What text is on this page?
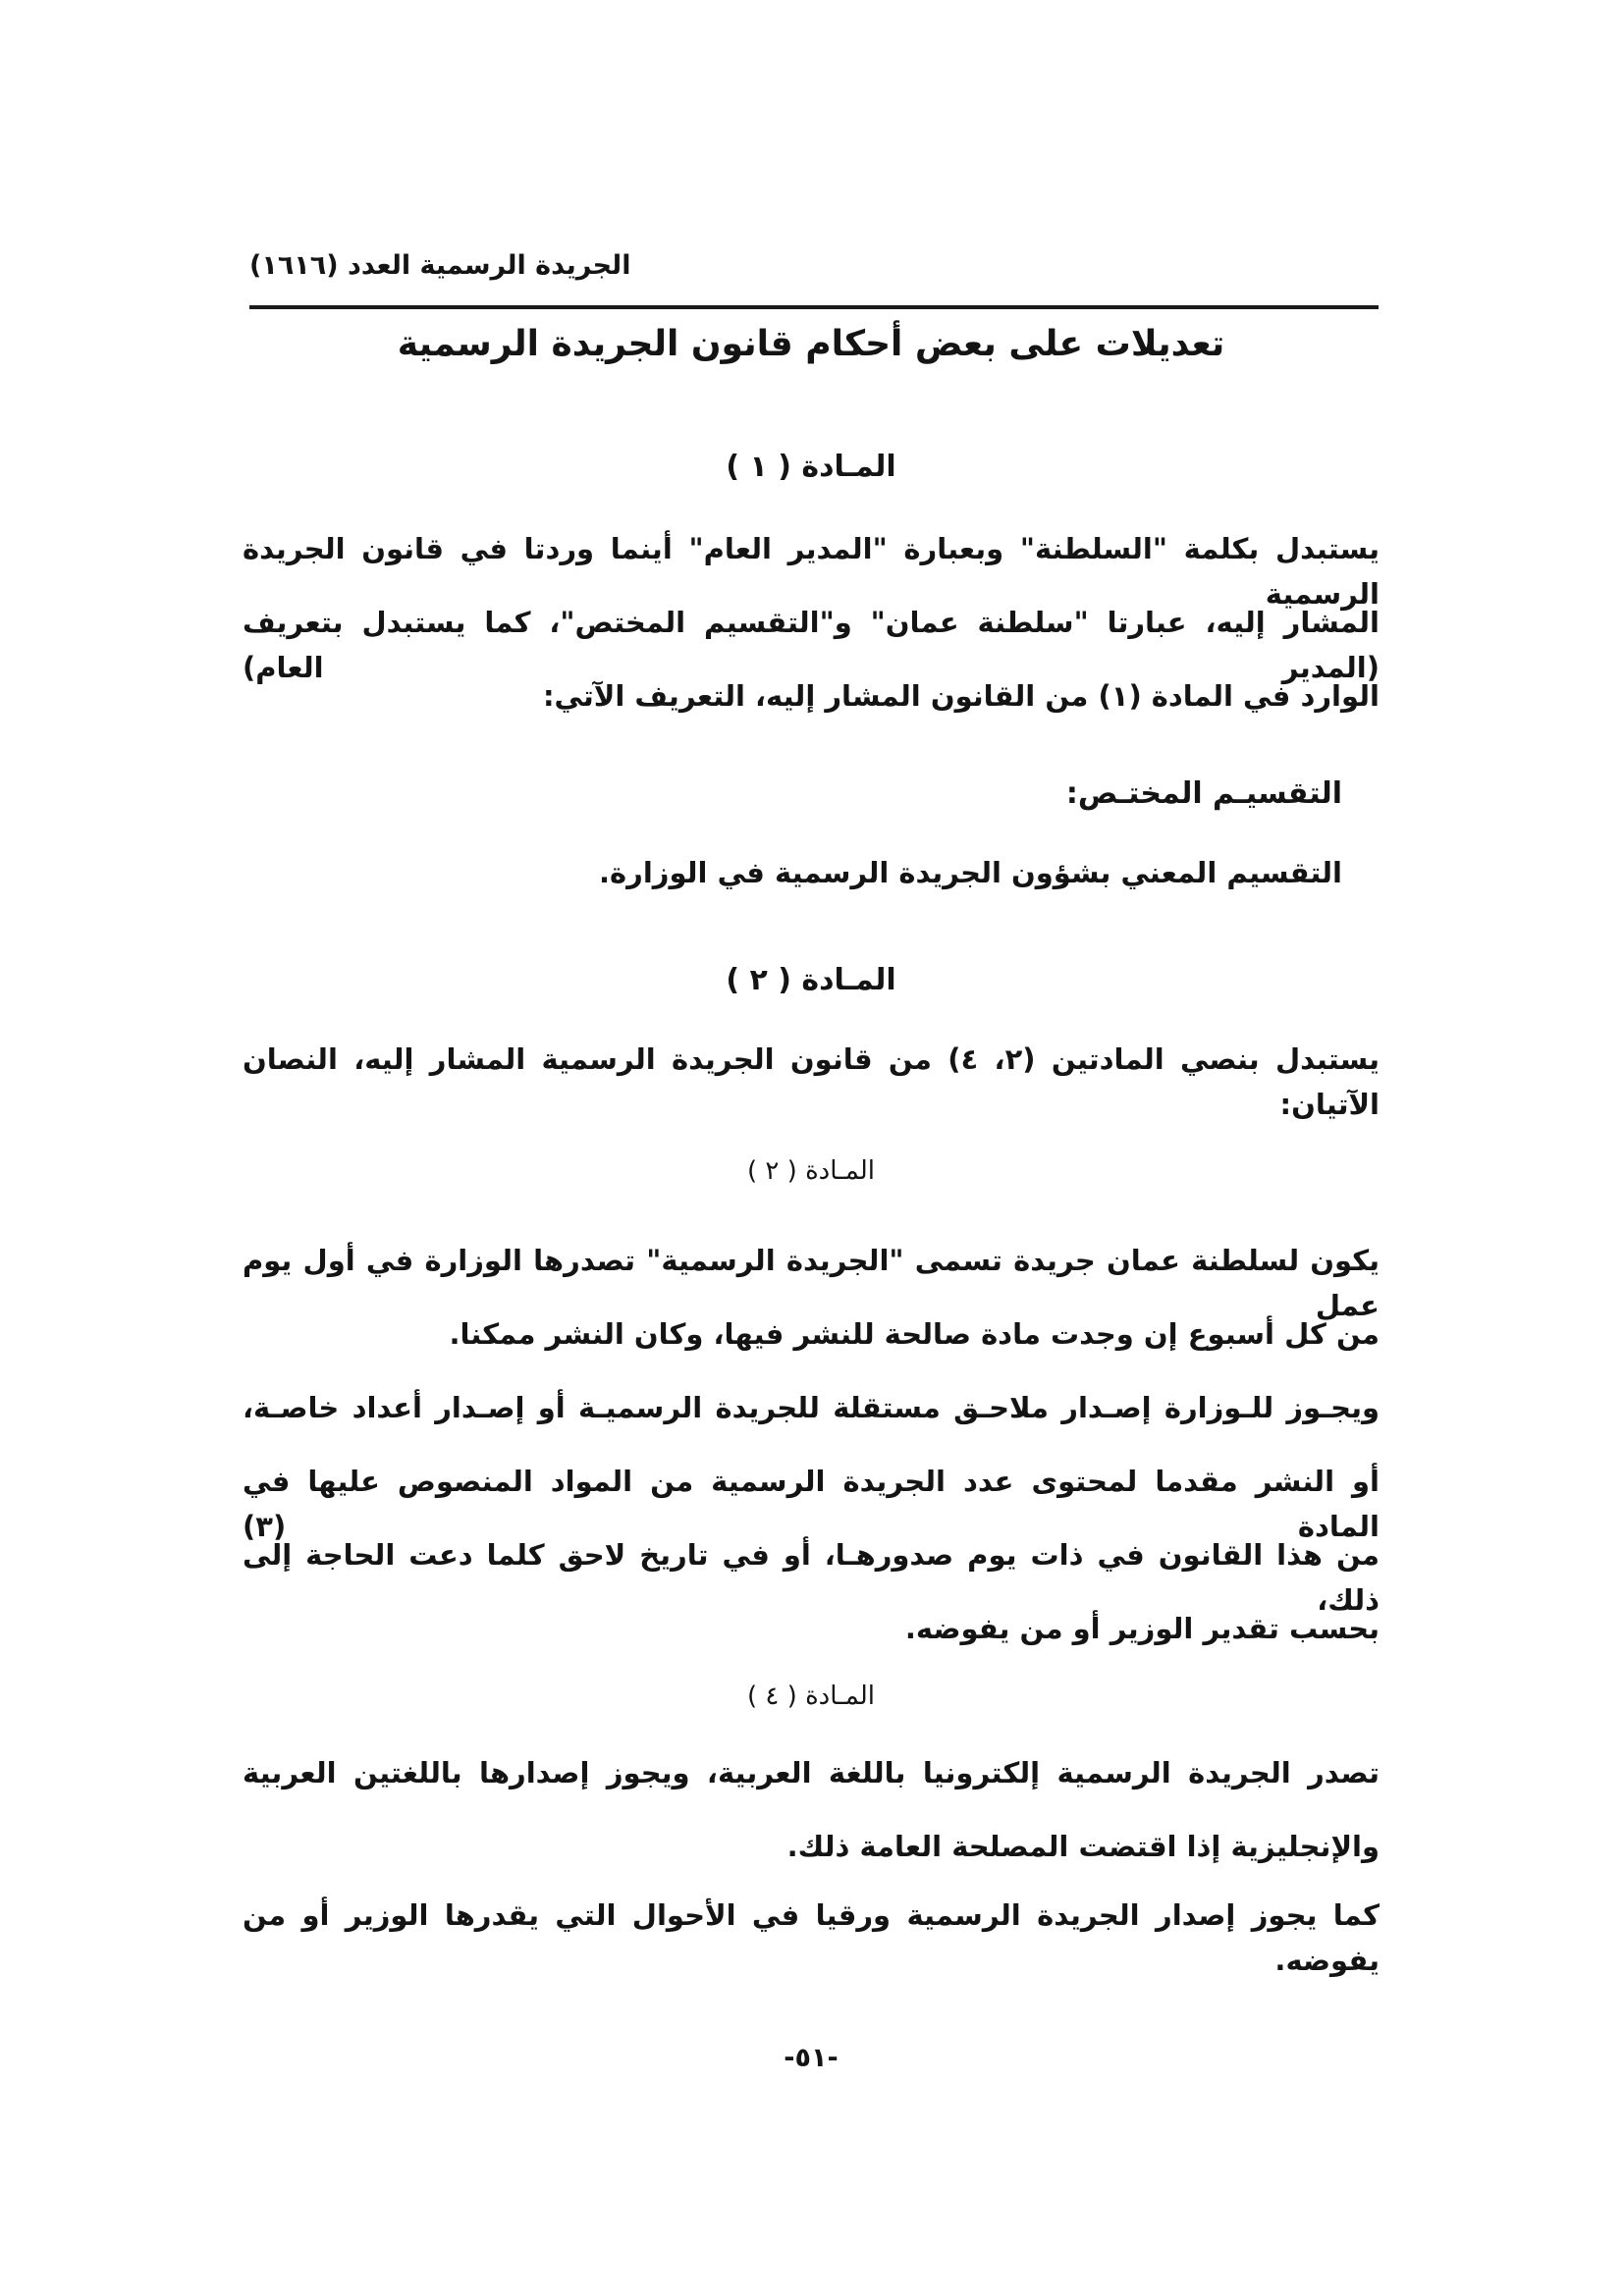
الجريدة الرسمية العدد (١٦١٦)
تعديلات على بعض أحكام قانون الجريدة الرسمية
المـادة ( ١ )
يستبدل بكلمة "السلطنة" وبعبارة "المدير العام" أينما وردتا في قانون الجريدة الرسمية
المشار إليه، عبارتا "سلطنة عمان" و"التقسيم المختص"، كما يستبدل بتعريف (المدير العام)
الوارد في المادة (١) من القانون المشار إليه، التعريف الآتي:
التقسيـم المختـص:
التقسيم المعني بشؤون الجريدة الرسمية في الوزارة.
المـادة ( ٢ )
يستبدل بنصي المادتين (٢، ٤) من قانون الجريدة الرسمية المشار إليه، النصان الآتيان:
المـادة ( ٢ )
يكون لسلطنة عمان جريدة تسمى "الجريدة الرسمية" تصدرها الوزارة في أول يوم عمل
من كل أسبوع إن وجدت مادة صالحة للنشر فيها، وكان النشر ممكنا.
ويجـوز للـوزارة إصـدار ملاحـق مستقلة للجريدة الرسميـة أو إصـدار أعداد خاصـة،
أو النشر مقدما لمحتوى عدد الجريدة الرسمية من المواد المنصوص عليها في المادة (٣)
من هذا القانون في ذات يوم صدورهـا، أو في تاريخ لاحق كلما دعت الحاجة إلى ذلك،
بحسب تقدير الوزير أو من يفوضه.
المـادة ( ٤ )
تصدر الجريدة الرسمية إلكترونيا باللغة العربية، ويجوز إصدارها باللغتين العربية
والإنجليزية إذا اقتضت المصلحة العامة ذلك.
كما يجوز إصدار الجريدة الرسمية ورقيا في الأحوال التي يقدرها الوزير أو من يفوضه.
-٥١-
